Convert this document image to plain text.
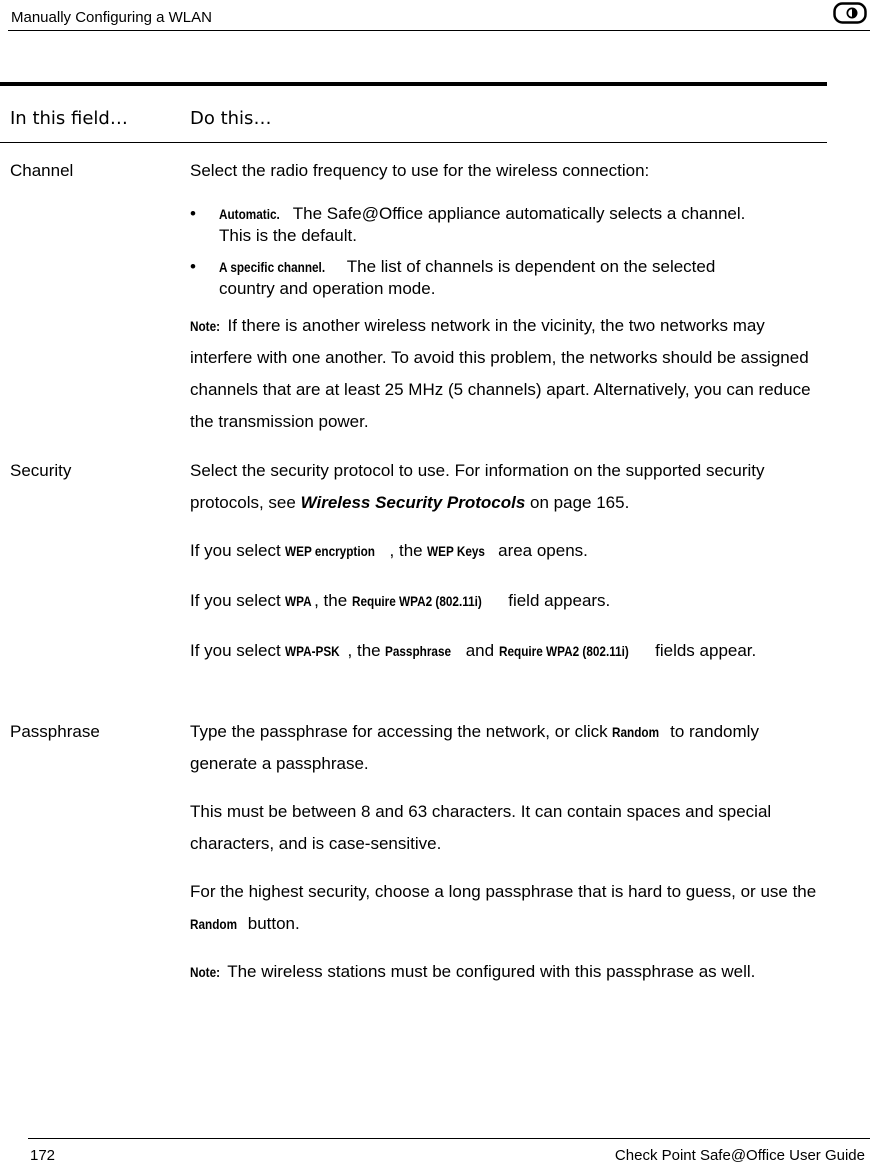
Manually Configuring a WLAN
In this field…	Do this…
Channel	Select the radio frequency to use for the wireless connection:
• Automatic. The Safe@Office appliance automatically selects a channel. This is the default.
• A specific channel. The list of channels is dependent on the selected country and operation mode.

Note: If there is another wireless network in the vicinity, the two networks may interfere with one another. To avoid this problem, the networks should be assigned channels that are at least 25 MHz (5 channels) apart. Alternatively, you can reduce the transmission power.

Security	Select the security protocol to use. For information on the supported security protocols, see Wireless Security Protocols on page 165.

If you select WEP encryption , the WEP Keys area opens.

If you select WPA , the Require WPA2 (802.11i) field appears.

If you select WPA-PSK , the Passphrase and Require WPA2 (802.11i) fields appear.

Passphrase	Type the passphrase for accessing the network, or click Random to randomly generate a passphrase.

This must be between 8 and 63 characters. It can contain spaces and special characters, and is case-sensitive.

For the highest security, choose a long passphrase that is hard to guess, or use the Random button.

Note: The wireless stations must be configured with this passphrase as well.

172	Check Point Safe@Office User Guide
